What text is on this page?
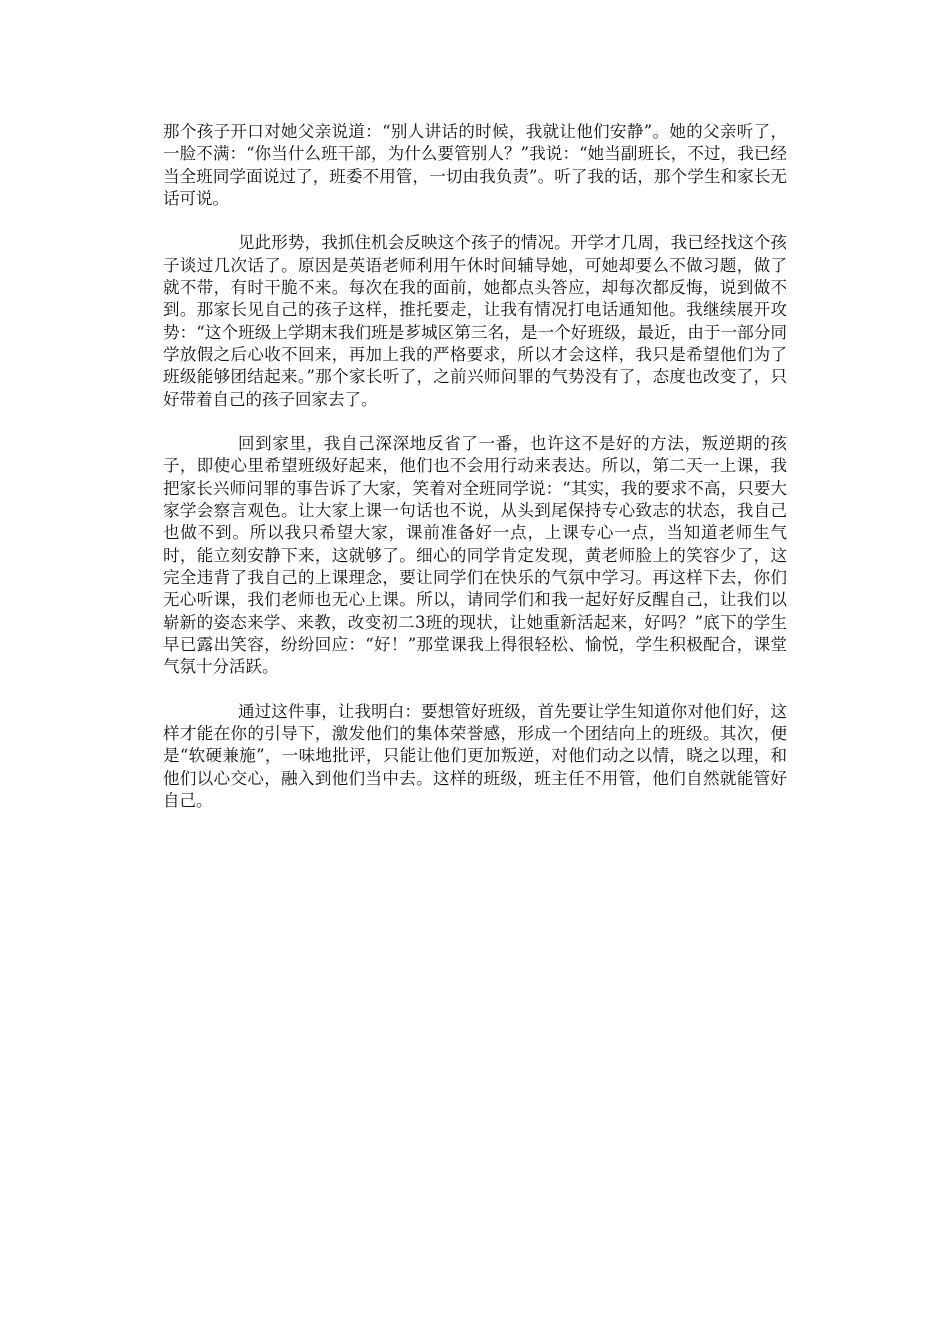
那个孩子开口对她父亲说道：“别人讲话的时候，我就让他们安静”。她的父亲听了，一脸不满：“你当什么班干部，为什么要管别人？”我说：“她当副班长，不过，我已经当全班同学面说过了，班委不用管，一切由我负责”。听了我的话，那个学生和家长无话可说。

见此形势，我抓住机会反映这个孩子的情况。开学才几周，我已经找这个孩子谈过几次话了。原因是英语老师利用午休时间辅导她，可她却要么不做习题，做了就不带，有时干脆不来。每次在我的面前，她都点头答应，却每次都反悔，说到做不到。那家长见自己的孩子这样，推托要走，让我有情况打电话通知他。我继续展开攻势：“这个班级上学期末我们班是芗城区第三名，是一个好班级，最近，由于一部分同学放假之后心收不回来，再加上我的严格要求，所以才会这样，我只是希望他们为了班级能够团结起来。”那个家长听了，之前兴师问罪的气势没有了，态度也改变了，只好带着自己的孩子回家去了。

回到家里，我自己深深地反省了一番，也许这不是好的方法，叛逆期的孩子，即使心里希望班级好起来，他们也不会用行动来表达。所以，第二天一上课，我把家长兴师问罪的事告诉了大家，笑着对全班同学说：“其实，我的要求不高，只要大家学会察言观色。让大家上课一句话也不说，从头到尾保持专心致志的状态，我自己也做不到。所以我只希望大家，课前准备好一点，上课专心一点，当知道老师生气时，能立刻安静下来，这就够了。细心的同学肯定发现，黄老师脸上的笑容少了，这完全违背了我自己的上课理念，要让同学们在快乐的气氛中学习。再这样下去，你们无心听课，我们老师也无心上课。所以，请同学们和我一起好好反醒自己，让我们以崭新的姿态来学、来教，改变初二3班的现状，让她重新活起来，好吗？”底下的学生早已露出笑容，纷纷回应：“好！”那堂课我上得很轻松、愉悦，学生积极配合，课堂气氛十分活跃。

通过这件事，让我明白：要想管好班级，首先要让学生知道你对他们好，这样才能在你的引导下，激发他们的集体荣誉感，形成一个团结向上的班级。其次，便是“软硬兼施”，一味地批评，只能让他们更加叛逆，对他们动之以情，晓之以理，和他们以心交心，融入到他们当中去。这样的班级，班主任不用管，他们自然就能管好自己。
